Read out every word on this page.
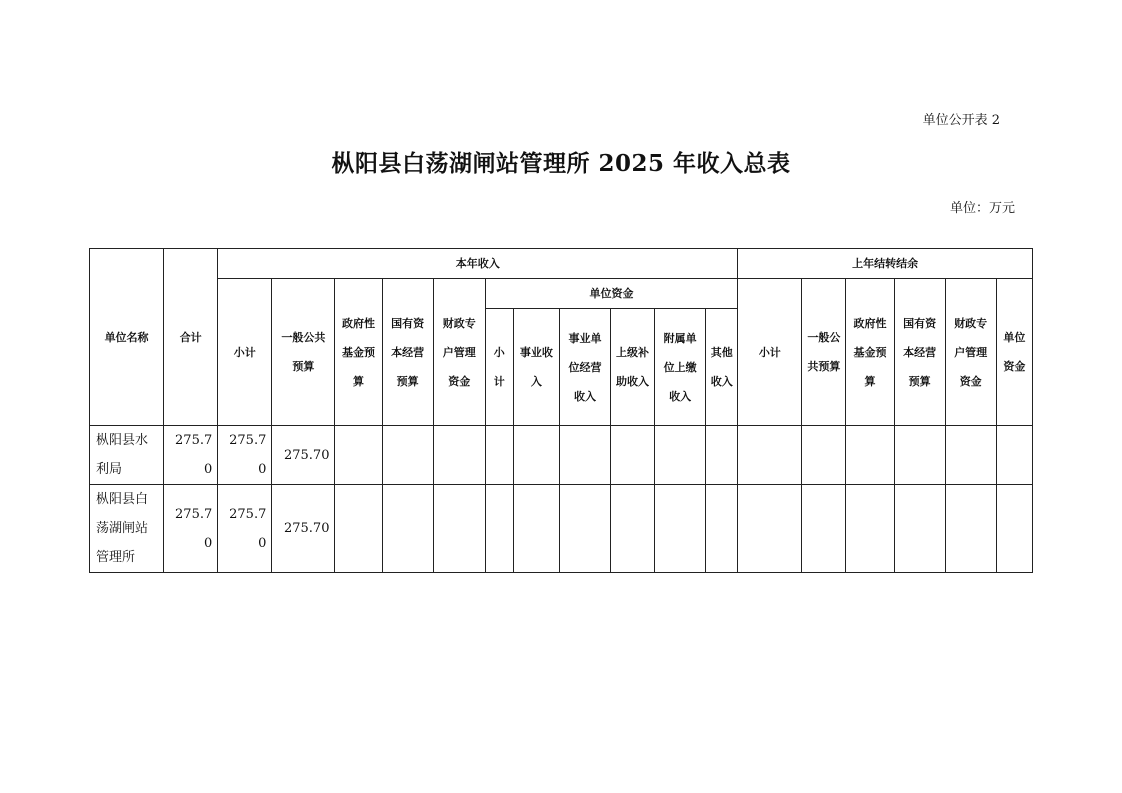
单位公开表 2
枞阳县白荡湖闸站管理所 2025 年收入总表
单位：万元
单位名称	合计	本年收入											上年结转结余					
		小计	一般公共预算	政府性基金预算	国有资本经营预算	财政专户管理资金	单位资金						小计	一般公共预算	政府性基金预算	国有资本经营预算	财政专户管理资金	单位资金
							小计	事业收入	事业单位经营收入	上级补助收入	附属单位上缴收入	其他收入						
枞阳县水利局	275.70	275.70	275.70															
枞阳县白荡湖闸站管理所	275.70	275.70	275.70															
